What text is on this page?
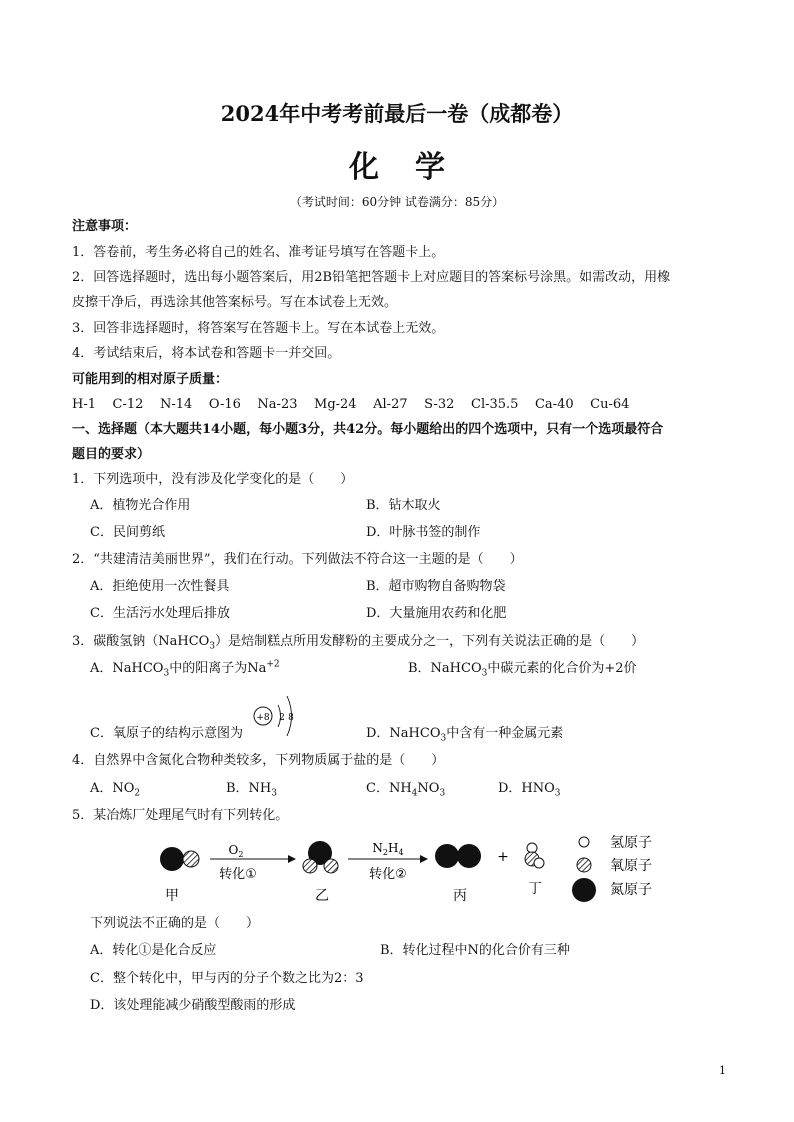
2024年中考考前最后一卷（成都卷）
化学
（考试时间：60分钟 试卷满分：85分）
注意事项：
1．答卷前，考生务必将自己的姓名、准考证号填写在答题卡上。
2．回答选择题时，选出每小题答案后，用2B铅笔把答题卡上对应题目的答案标号涂黑。如需改动，用橡
皮擦干净后，再选涂其他答案标号。写在本试卷上无效。
3．回答非选择题时，将答案写在答题卡上。写在本试卷上无效。
4．考试结束后，将本试卷和答题卡一并交回。
可能用到的相对原子质量：
H-1 C-12 N-14 O-16 Na-23 Mg-24 Al-27 S-32 Cl-35.5 Ca-40 Cu-64
一、选择题（本大题共14小题，每小题3分，共42分。每小题给出的四个选项中，只有一个选项最符合
题目的要求）
1．下列选项中，没有涉及化学变化的是（　　）
A．植物光合作用	B．钻木取火
C．民间剪纸	D．叶脉书签的制作
2．“共建清洁美丽世界”，我们在行动。下列做法不符合这一主题的是（　　）
A．拒绝使用一次性餐具	B．超市购物自备购物袋
C．生活污水处理后排放	D．大量施用农药和化肥
3．碳酸氢钠（NaHCO$_3$）是焙制糕点所用发酵粉的主要成分之一，下列有关说法正确的是（　　）
A．NaHCO$_3$中的阳离子为$Na^{+2}$	B．NaHCO$_3$中碳元素的化合价为+2价
C．氧原子的结构示意图为
+8 2 8
D．NaHCO$_3$中含有一种金属元素
4．自然界中含氮化合物种类较多，下列物质属于盐的是（　　）
A．$NO_2$	B．$NH_3$	C．$NH_4NO_3$	D．$HNO_3$
5．某冶炼厂处理尾气时有下列转化。
甲
$O_2$
转化①
乙
$N_2H_4$
转化②
丙
+
丁
氢原子
氧原子
氮原子
下列说法不正确的是（　　）
A．转化①是化合反应	B．转化过程中N的化合价有三种
C．整个转化中，甲与丙的分子个数之比为2：3
D．该处理能减少硝酸型酸雨的形成
1
